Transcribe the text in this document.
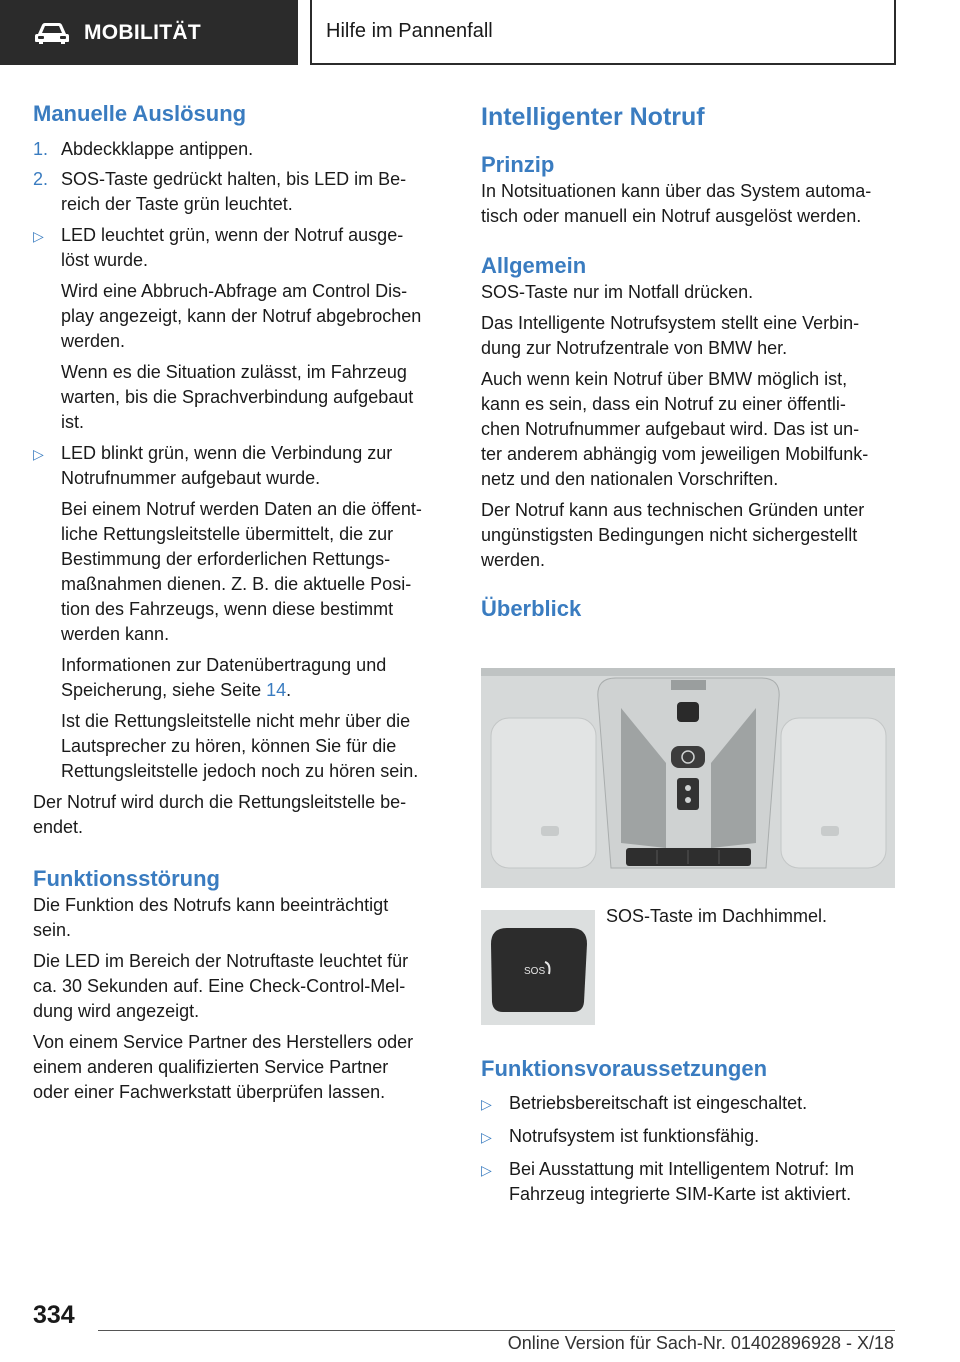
MOBILITÄT	Hilfe im Pannenfall
Manuelle Auslösung
1. Abdeckklappe antippen.
2. SOS-Taste gedrückt halten, bis LED im Be-
reich der Taste grün leuchtet.
▷ LED leuchtet grün, wenn der Notruf ausge-
löst wurde.

Wird eine Abbruch-Abfrage am Control Dis-
play angezeigt, kann der Notruf abgebrochen
werden.

Wenn es die Situation zulässt, im Fahrzeug
warten, bis die Sprachverbindung aufgebaut
ist.

▷ LED blinkt grün, wenn die Verbindung zur
Notrufnummer aufgebaut wurde.

Bei einem Notruf werden Daten an die öffent-
liche Rettungsleitstelle übermittelt, die zur
Bestimmung der erforderlichen Rettungs-
maßnahmen dienen. Z. B. die aktuelle Posi-
tion des Fahrzeugs, wenn diese bestimmt
werden kann.

Informationen zur Datenübertragung und
Speicherung, siehe Seite 14.

Ist die Rettungsleitstelle nicht mehr über die
Lautsprecher zu hören, können Sie für die
Rettungsleitstelle jedoch noch zu hören sein.

Der Notruf wird durch die Rettungsleitstelle be-
endet.

Funktionsstörung

Die Funktion des Notrufs kann beeinträchtigt
sein.

Die LED im Bereich der Notruftaste leuchtet für
ca. 30 Sekunden auf. Eine Check-Control-Mel-
dung wird angezeigt.

Von einem Service Partner des Herstellers oder
einem anderen qualifizierten Service Partner
oder einer Fachwerkstatt überprüfen lassen.

Intelligenter Notruf
Prinzip

In Notsituationen kann über das System automa-
tisch oder manuell ein Notruf ausgelöst werden.

Allgemein

SOS-Taste nur im Notfall drücken.

Das Intelligente Notrufsystem stellt eine Verbin-
dung zur Notrufzentrale von BMW her.

Auch wenn kein Notruf über BMW möglich ist,
kann es sein, dass ein Notruf zu einer öffentli-
chen Notrufnummer aufgebaut wird. Das ist un-
ter anderem abhängig vom jeweiligen Mobilfunk-
netz und den nationalen Vorschriften.

Der Notruf kann aus technischen Gründen unter
ungünstigsten Bedingungen nicht sichergestellt
werden.

Überblick
SOS
SOS-Taste im Dachhimmel.
Funktionsvoraussetzungen
▷ Betriebsbereitschaft ist eingeschaltet.
▷ Notrufsystem ist funktionsfähig.
▷ Bei Ausstattung mit Intelligentem Notruf: Im
Fahrzeug integrierte SIM-Karte ist aktiviert.
334
Online Version für Sach-Nr. 01402896928 - X/18
